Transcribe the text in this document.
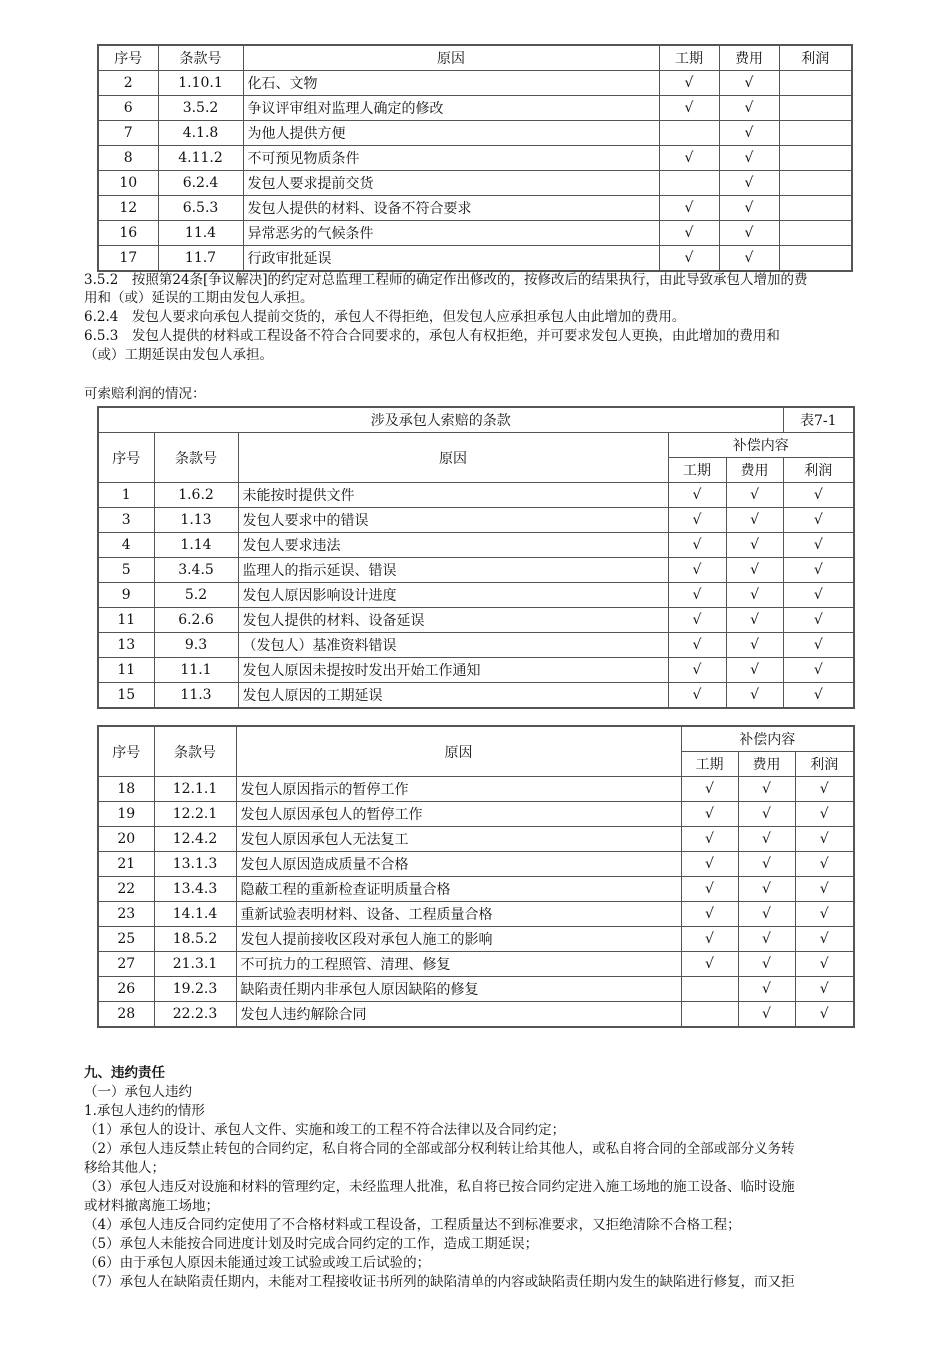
序号	条款号	原因	工期	费用	利润
2	1.10.1	化石、文物	√	√	
6	3.5.2	争议评审组对监理人确定的修改	√	√	
7	4.1.8	为他人提供方便		√	
8	4.11.2	不可预见物质条件	√	√	
10	6.2.4	发包人要求提前交货		√	
12	6.5.3	发包人提供的材料、设备不符合要求	√	√	
16	11.4	异常恶劣的气候条件	√	√	
17	11.7	行政审批延误	√	√	

3.5.2　按照第24条[争议解决]的约定对总监理工程师的确定作出修改的，按修改后的结果执行，由此导致承包人增加的费

用和（或）延误的工期由发包人承担。

6.2.4　发包人要求向承包人提前交货的，承包人不得拒绝，但发包人应承担承包人由此增加的费用。

6.5.3　发包人提供的材料或工程设备不符合合同要求的，承包人有权拒绝，并可要求发包人更换，由此增加的费用和

（或）工期延误由发包人承担。

可索赔利润的情况：

涉及承包人索赔的条款					表7-1
序号	条款号	原因	补偿内容		
			工期	费用	利润
1	1.6.2	未能按时提供文件	√	√	√
3	1.13	发包人要求中的错误	√	√	√
4	1.14	发包人要求违法	√	√	√
5	3.4.5	监理人的指示延误、错误	√	√	√
9	5.2	发包人原因影响设计进度	√	√	√
11	6.2.6	发包人提供的材料、设备延误	√	√	√
13	9.3	（发包人）基准资料错误	√	√	√
11	11.1	发包人原因未提按时发出开始工作通知	√	√	√
15	11.3	发包人原因的工期延误	√	√	√
序号	条款号	原因	补偿内容		
			工期	费用	利润
18	12.1.1	发包人原因指示的暂停工作	√	√	√
19	12.2.1	发包人原因承包人的暂停工作	√	√	√
20	12.4.2	发包人原因承包人无法复工	√	√	√
21	13.1.3	发包人原因造成质量不合格	√	√	√
22	13.4.3	隐蔽工程的重新检查证明质量合格	√	√	√
23	14.1.4	重新试验表明材料、设备、工程质量合格	√	√	√
25	18.5.2	发包人提前接收区段对承包人施工的影响	√	√	√
27	21.3.1	不可抗力的工程照管、清理、修复	√	√	√
26	19.2.3	缺陷责任期内非承包人原因缺陷的修复		√	√
28	22.2.3	发包人违约解除合同		√	√

九、违约责任

（一）承包人违约

1.承包人违约的情形

（1）承包人的设计、承包人文件、实施和竣工的工程不符合法律以及合同约定；

（2）承包人违反禁止转包的合同约定，私自将合同的全部或部分权利转让给其他人，或私自将合同的全部或部分义务转

移给其他人；

（3）承包人违反对设施和材料的管理约定，未经监理人批准，私自将已按合同约定进入施工场地的施工设备、临时设施

或材料撤离施工场地；

（4）承包人违反合同约定使用了不合格材料或工程设备，工程质量达不到标准要求，又拒绝清除不合格工程；

（5）承包人未能按合同进度计划及时完成合同约定的工作，造成工期延误；

（6）由于承包人原因未能通过竣工试验或竣工后试验的；

（7）承包人在缺陷责任期内，未能对工程接收证书所列的缺陷清单的内容或缺陷责任期内发生的缺陷进行修复，而又拒
